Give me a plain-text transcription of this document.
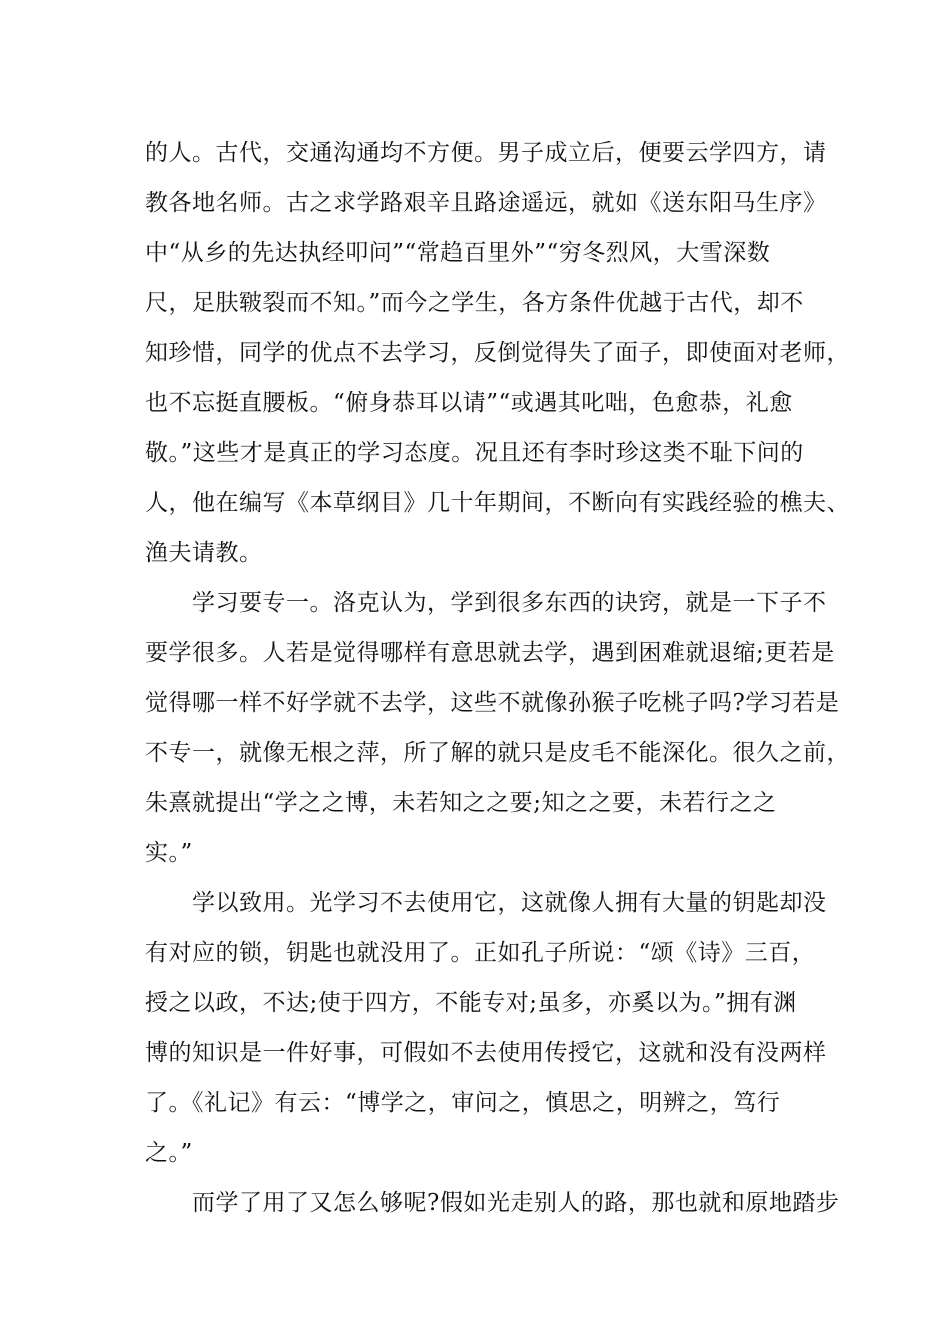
的人。古代，交通沟通均不方便。男子成立后，便要云学四方，请
教各地名师。古之求学路艰辛且路途遥远，就如《送东阳马生序》
中“从乡的先达执经叩问”“常趋百里外”“穷冬烈风，大雪深数
尺，足肤皲裂而不知。”而今之学生，各方条件优越于古代，却不
知珍惜，同学的优点不去学习，反倒觉得失了面子，即使面对老师，
也不忘挺直腰板。“俯身恭耳以请”“或遇其叱咄，色愈恭，礼愈
敬。”这些才是真正的学习态度。况且还有李时珍这类不耻下问的
人，他在编写《本草纲目》几十年期间，不断向有实践经验的樵夫、
渔夫请教。
学习要专一。洛克认为，学到很多东西的诀窍，就是一下子不
要学很多。人若是觉得哪样有意思就去学，遇到困难就退缩;更若是
觉得哪一样不好学就不去学，这些不就像孙猴子吃桃子吗?学习若是
不专一，就像无根之萍，所了解的就只是皮毛不能深化。很久之前，
朱熹就提出“学之之博，未若知之之要;知之之要，未若行之之
实。”
学以致用。光学习不去使用它，这就像人拥有大量的钥匙却没
有对应的锁，钥匙也就没用了。正如孔子所说：“颂《诗》三百，
授之以政，不达;使于四方，不能专对;虽多，亦奚以为。”拥有渊
博的知识是一件好事，可假如不去使用传授它，这就和没有没两样
了。《礼记》有云：“博学之，审问之，慎思之，明辨之，笃行
之。”
而学了用了又怎么够呢?假如光走别人的路，那也就和原地踏步
